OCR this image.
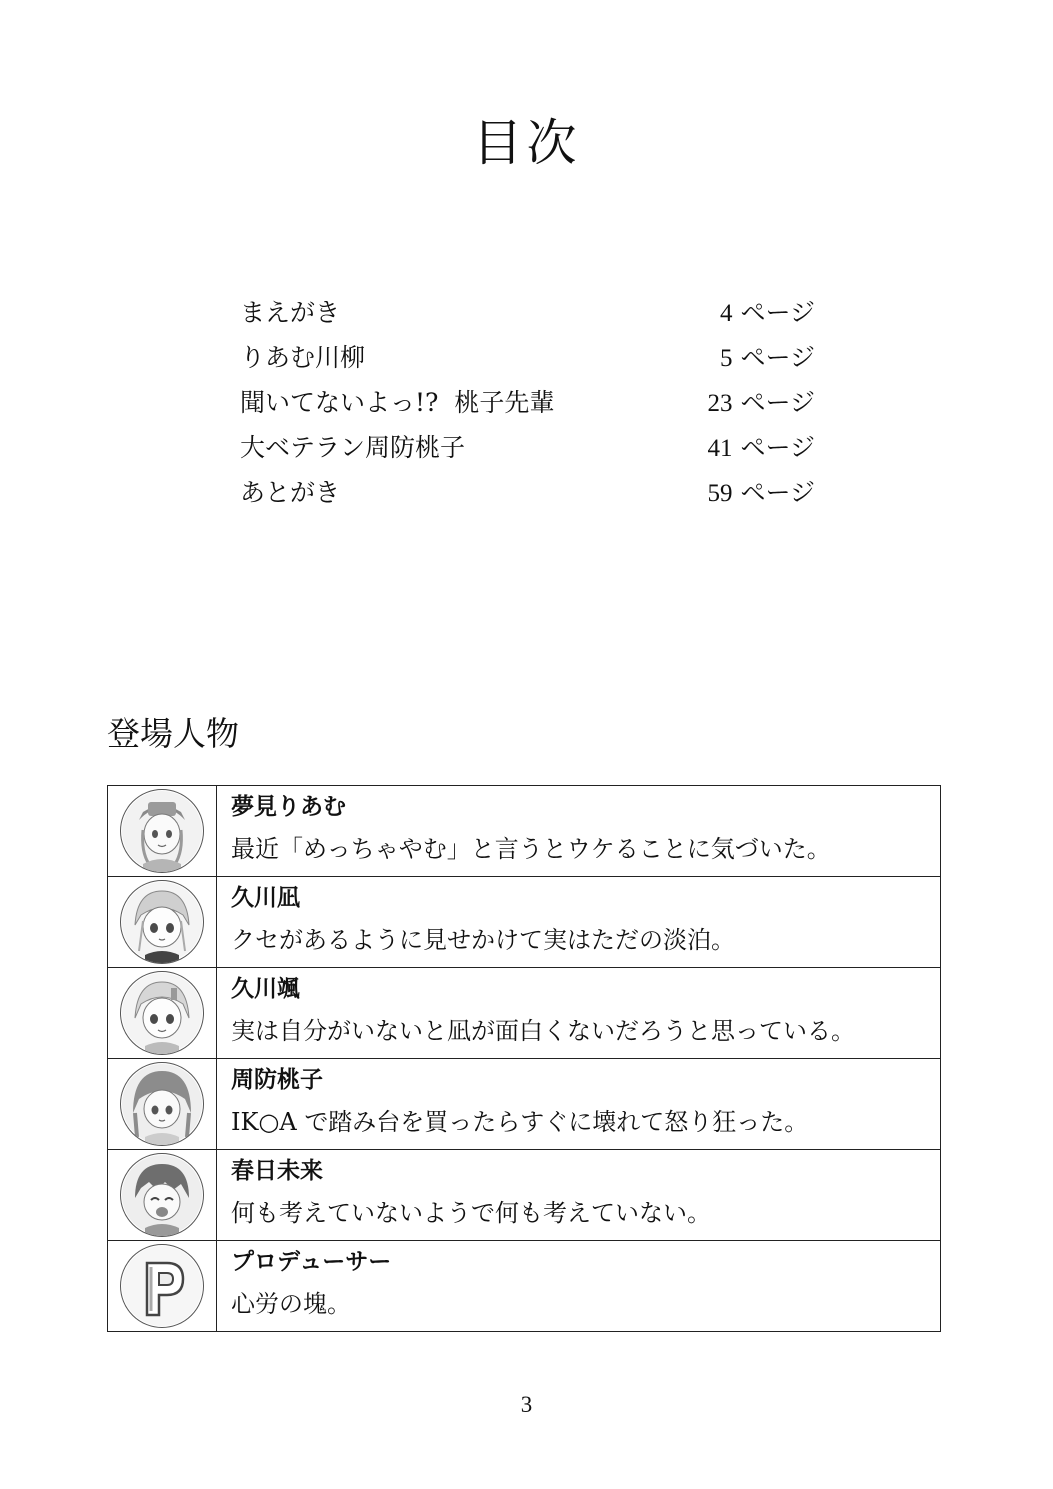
目次
まえがき	4 ページ
りあむ川柳	5 ページ
聞いてないよっ!?  桃子先輩	23 ページ
大ベテラン周防桃子	41 ページ
あとがき	59 ページ
登場人物

夢見りあむ
最近「めっちゃやむ」と言うとウケることに気づいた。

久川凪
クセがあるように見せかけて実はただの淡泊。

久川颯
実は自分がいないと凪が面白くないだろうと思っている。

周防桃子
IK○A で踏み台を買ったらすぐに壊れて怒り狂った。

春日未来
何も考えていないようで何も考えていない。

プロデューサー
心労の塊。
3
